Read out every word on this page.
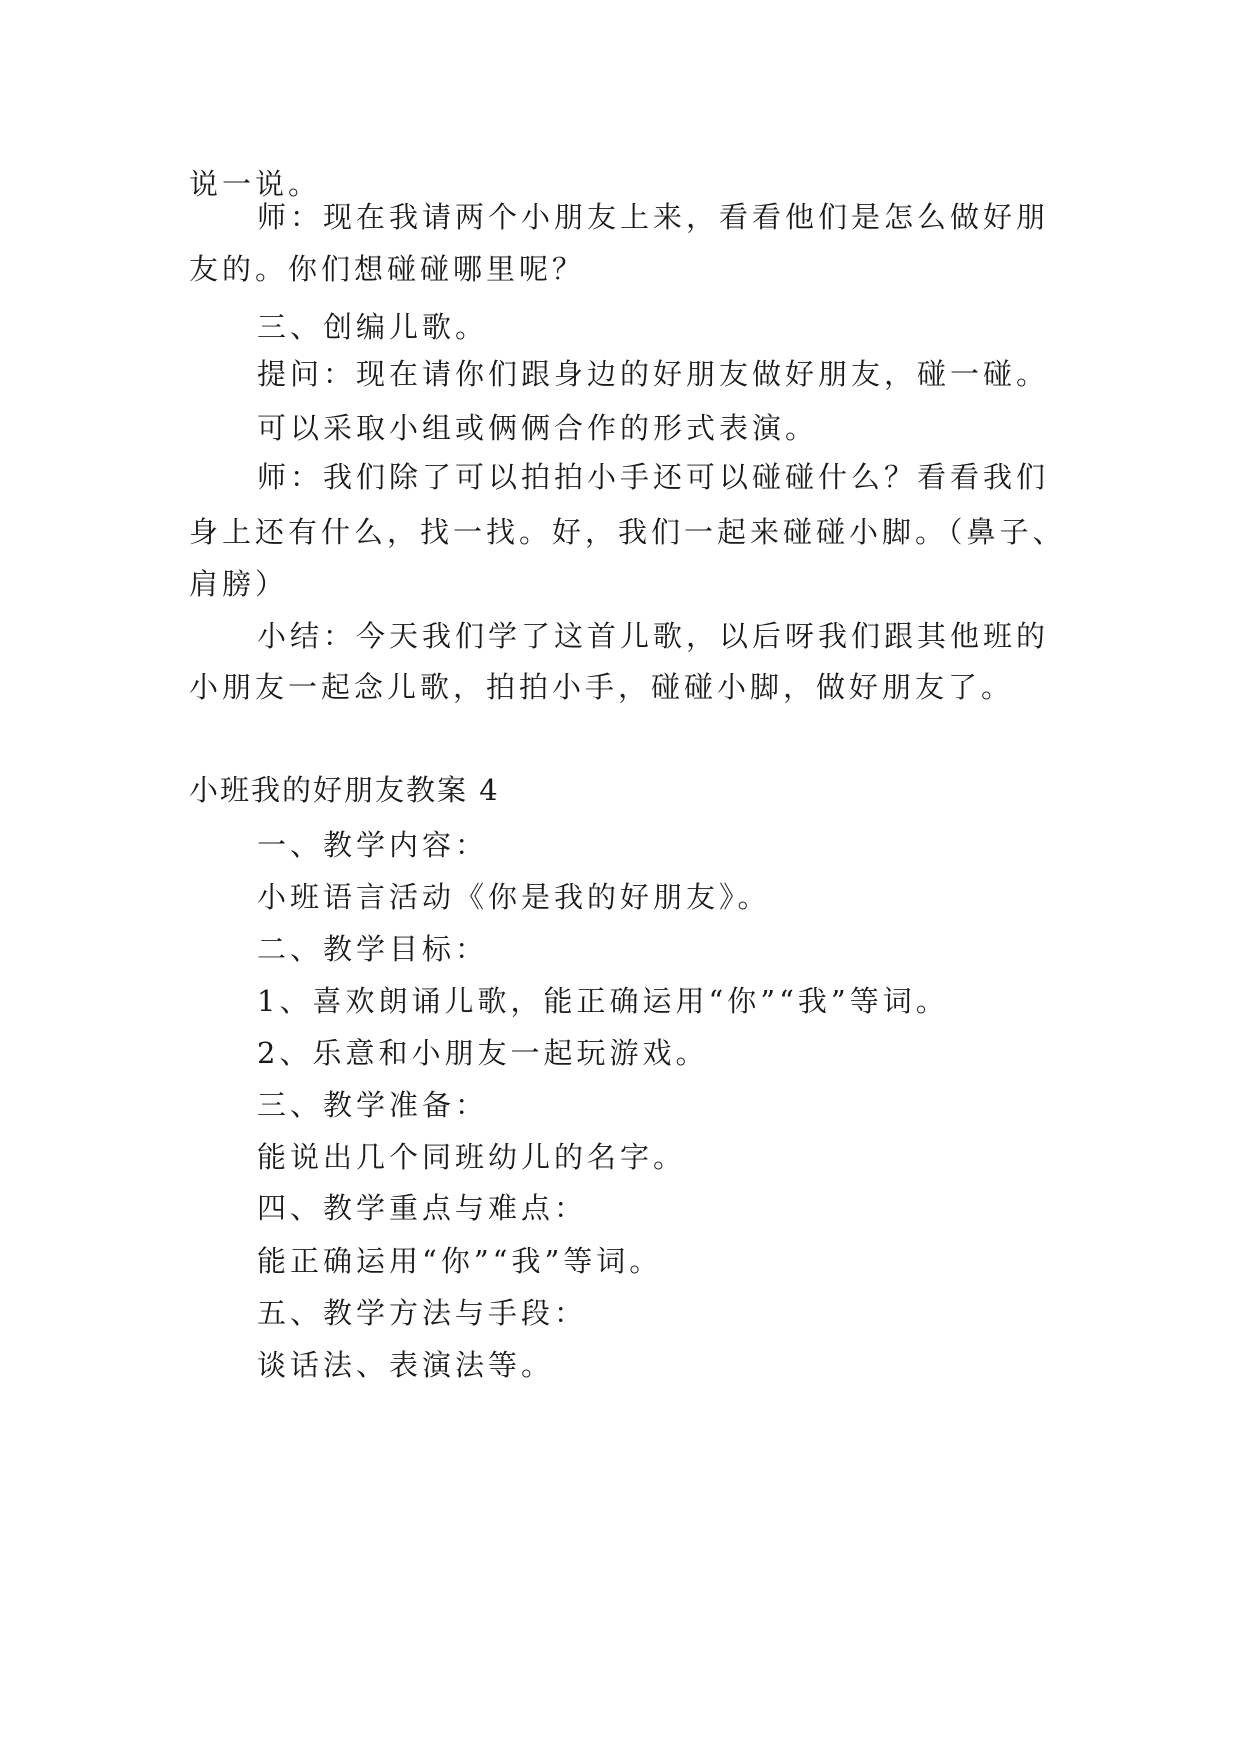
说一说。
师：现在我请两个小朋友上来，看看他们是怎么做好朋
友的。你们想碰碰哪里呢？
三、创编儿歌。
提问：现在请你们跟身边的好朋友做好朋友，碰一碰。
可以采取小组或俩俩合作的形式表演。
师：我们除了可以拍拍小手还可以碰碰什么？看看我们
身上还有什么，找一找。好，我们一起来碰碰小脚。（鼻子、
肩膀）
小结：今天我们学了这首儿歌，以后呀我们跟其他班的
小朋友一起念儿歌，拍拍小手，碰碰小脚，做好朋友了。
小班我的好朋友教案 4
一、教学内容：
小班语言活动《你是我的好朋友》。
二、教学目标：
1、喜欢朗诵儿歌，能正确运用“你”“我”等词。
2、乐意和小朋友一起玩游戏。
三、教学准备：
能说出几个同班幼儿的名字。
四、教学重点与难点：
能正确运用“你”“我”等词。
五、教学方法与手段：
谈话法、表演法等。
